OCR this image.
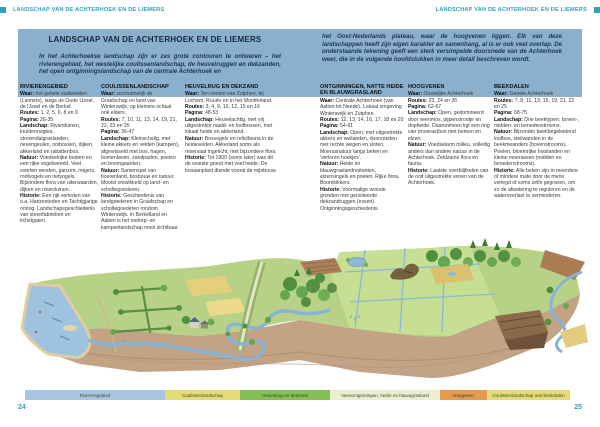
LANDSCHAP VAN DE ACHTERHOEK EN DE LIEMERS	LANDSCHAP VAN DE ACHTERHOEK EN DE LIEMERS
LANDSCHAP VAN DE ACHTERHOEK EN DE LIEMERS
In het Achterhoekse landschap zijn er zes grote contouren te ontwaren – het rivierengebied, het westelijke coulissenlandschap, de heuvelruggen en dekzanden, het open ontginningslandschap van de centrale Achterhoek en
het Oost-Nederlands plateau, waar de hoogvenen liggen. Elk van deze landschappen heeft zijn eigen karakter en samenhang, al is er ook veel overlap. De onderstaande tekening geeft een sterk versimpelde doorsnede van de Achterhoek weer, die in de volgende hoofdstukken in meer detail beschreven wordt.
RIVIERENGEBIED

Waar: het gehele zuidwesten (Liemers), langs de Oude IJssel, de IJssel en de Berkel.

Routes: 1, 2, 5, 6, 8 en 9

Pagina: 26-35

Landschap: Rivierduinen, kruidenruigtes, stroomdalgraslanden, nevengeulen, ooibossen, dijken, akkerland en rabattenbos.

Natuur: Voedselrijke bodem en een rijke vogelwereld. Veel soorten eenden, ganzen, reigers, roofvogels en rietvogels. Bijzondere flora van uiterwaarden, dijken en rivierduinen.

Historie: Een rijk verleden van o.a. Hanzesteden en Tachtigjarige oorlog. Landschapsgeschiedenis van steenfabrieken en tichelgaten.

COULISSENLANDSCHAP

Waar: voornamelijk de Graafschap en land van Winterswijk; op kleinere schaal ook elders.

Routes: 7, 10, 11, 13, 14, 19, 21, 22, 23 en 25

Pagina: 36-47

Landschap: Kleinschalig, met kleine akkers en velden (kampen), afgewisseld met bos, hagen, bomenlanen, zandpaden, poelen en boomgaarden.

Natuur: Samenspel van boerenland, bosbouw en natuur. Mooist ontwikkeld op land- en scholtegoederen.

Historie: Geschiedenis van landgoederen in Graafschap en scholtegoederen rondom Winterswijk. In Berkelland en Aalten is het esdorp- en kampenlandschap mooi zichtbaar.

HEUVELRUG EN DEKZAND

Waar: Ten oosten van Zutphen, bij Lochem, Ruurlo en in het Montferland.

Routes: 3, 4, 9, 10, 12, 15 en 16

Pagina: 48-53

Landschap: Heuvelachtig, met vrij uitgestrekte naald- en loofbossen, met lokaal heide en akkerland.

Natuur: Bosvogels en relictfauna in de heidevelden. Akkerland soms als reservaat ingericht, met bijzondere flora.

Historie: Tot 1900 (soms later) was dit de woeste grond met veel heide. De bosaanplant diende vooral de mijnbouw.

ONTGINNINGEN, NATTE HEIDE EN BLAUWGRASLAND

Waar: Centrale Achterhoek (van Aalten tot Neede). Lokaal omgeving Winterswijk en Zutphen.

Routes: 12, 13, 14, 16, 17, 18 en 20

Pagina: 54-61

Landschap: Open, met uitgestrekte akkers en weilanden, doorsneden met rechte wegen en sloten. Moerasnatuur langs beken en 'verloren hoekjes'.

Natuur: Heide en blauwgraslandrestanten, elzensingels en poelen. Rijke flora, Boomkikkers.

Historie: Voormalige woeste gronden met geïsoleerde dekzandruggen (essen). Ontginningsgeschiedenis.

HOOGVENEN

Waar: Oostelijke Achterhoek

Routes: 23, 24 en 26

Pagina: 62-67

Landschap: Open, gedomineerd door veenmos, pijpenstrootje en dopheide. Daaromheen ligt een ring van (moeras)bos met berken en elzen.

Natuur: Voedselarm milieu, volledig anders dan andere natuur in de Achterhoek. Zeldzame flora en fauna.

Historie: Laatste overblijfselen van de ooit uitgestrekte venen van de Achterhoek.

BEEKDALEN

Waar: Gehele Achterhoek

Routes: 7, 8, 11, 13, 15, 19, 21, 22 en 25

Pagina: 68-75

Landschap: Drie beektypen: boven-, midden- en benedenstrooms.

Natuur: Bijzonder beekbegeleidend loofbos, steilwanden in de beekmeanders (bovenstrooms). Poelen, bloemrijke hooilanden en kleine moerassen (midden en benedenstrooms).

Historie: Alle beken zijn in meerdere of mindere mate door de mens verlegd of soms zelfs gegraven, om zo de afwatering te reguleren en de wateroverlast te verminderen.

Rivierengebied	Coulissenlandschap	Heuvelrug en dekzand	Veenontginningen, heide en blauwgrasland	Hoogveen	Coulissenlandschap met beekdalen
24	25
